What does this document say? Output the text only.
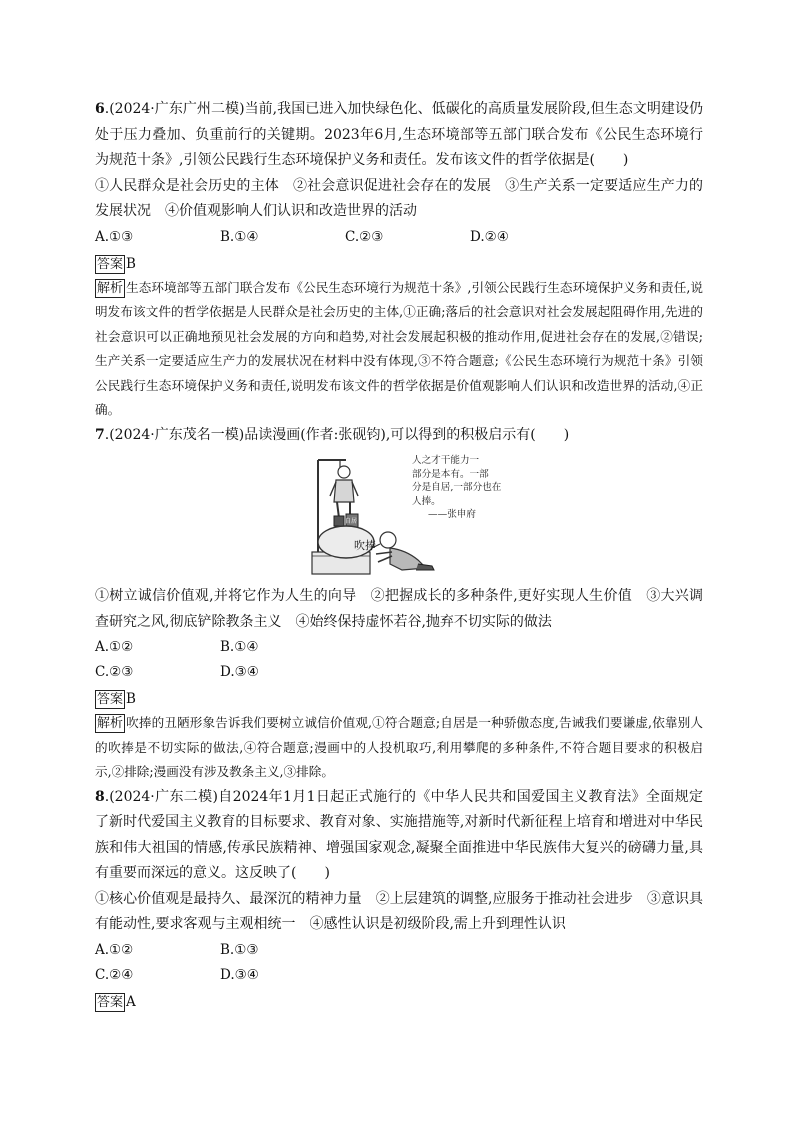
6.(2024·广东广州二模)当前,我国已进入加快绿色化、低碳化的高质量发展阶段,但生态文明建设仍处于压力叠加、负重前行的关键期。2023年6月,生态环境部等五部门联合发布《公民生态环境行为规范十条》,引领公民践行生态环境保护义务和责任。发布该文件的哲学依据是(　　)

①人民群众是社会历史的主体　②社会意识促进社会存在的发展　③生产关系一定要适应生产力的发展状况　④价值观影响人们认识和改造世界的活动

A.①③	B.①④	C.②③	D.②④

答案 B

解析 生态环境部等五部门联合发布《公民生态环境行为规范十条》,引领公民践行生态环境保护义务和责任,说明发布该文件的哲学依据是人民群众是社会历史的主体,①正确;落后的社会意识对社会发展起阻碍作用,先进的社会意识可以正确地预见社会发展的方向和趋势,对社会发展起积极的推动作用,促进社会存在的发展,②错误;生产关系一定要适应生产力的发展状况在材料中没有体现,③不符合题意;《公民生态环境行为规范十条》引领公民践行生态环境保护义务和责任,说明发布该文件的哲学依据是价值观影响人们认识和改造世界的活动,④正确。

7.(2024·广东茂名一模)品读漫画(作者:张砚钧),可以得到的积极启示有(　　)

人之才干能力一
部分是本有。一部
分是自居,一部分也在
人捧。
——张申府
吹捧
自居

①树立诚信价值观,并将它作为人生的向导　②把握成长的多种条件,更好实现人生价值　③大兴调查研究之风,彻底铲除教条主义　④始终保持虚怀若谷,抛弃不切实际的做法

A.①②	B.①④
C.②③	D.③④

答案 B

解析 吹捧的丑陋形象告诉我们要树立诚信价值观,①符合题意;自居是一种骄傲态度,告诫我们要谦虚,依靠别人的吹捧是不切实际的做法,④符合题意;漫画中的人投机取巧,利用攀爬的多种条件,不符合题目要求的积极启示,②排除;漫画没有涉及教条主义,③排除。

8.(2024·广东二模)自2024年1月1日起正式施行的《中华人民共和国爱国主义教育法》全面规定了新时代爱国主义教育的目标要求、教育对象、实施措施等,对新时代新征程上培育和增进对中华民族和伟大祖国的情感,传承民族精神、增强国家观念,凝聚全面推进中华民族伟大复兴的磅礴力量,具有重要而深远的意义。这反映了(　　)

①核心价值观是最持久、最深沉的精神力量　②上层建筑的调整,应服务于推动社会进步　③意识具有能动性,要求客观与主观相统一　④感性认识是初级阶段,需上升到理性认识

A.①②	B.①③
C.②④	D.③④

答案 A
